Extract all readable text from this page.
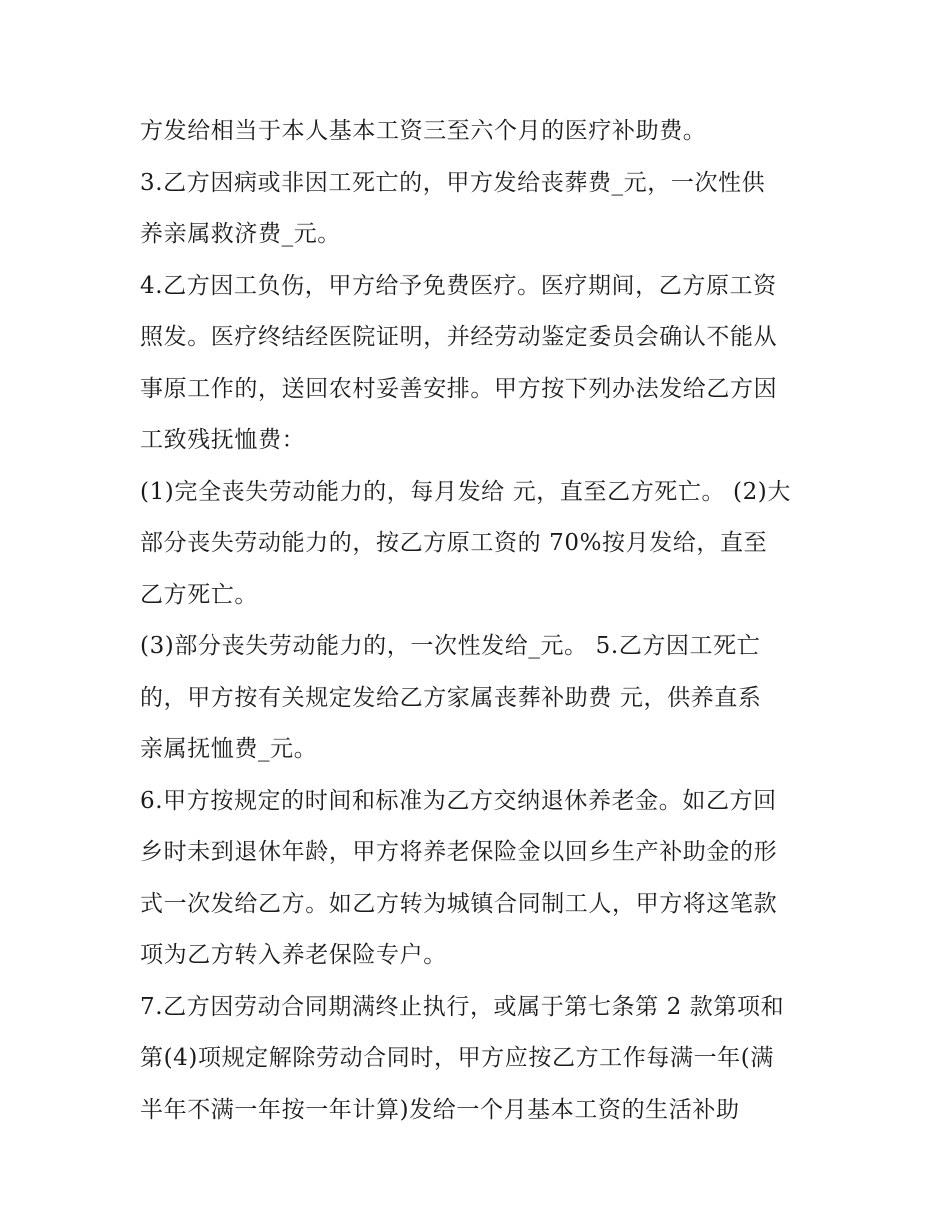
方发给相当于本人基本工资三至六个月的医疗补助费。
3.乙方因病或非因工死亡的，甲方发给丧葬费_元，一次性供
养亲属救济费_元。
4.乙方因工负伤，甲方给予免费医疗。医疗期间，乙方原工资
照发。医疗终结经医院证明，并经劳动鉴定委员会确认不能从
事原工作的，送回农村妥善安排。甲方按下列办法发给乙方因
工致残抚恤费：
(1)完全丧失劳动能力的，每月发给 元，直至乙方死亡。 (2)大
部分丧失劳动能力的，按乙方原工资的 70%按月发给，直至
乙方死亡。
(3)部分丧失劳动能力的，一次性发给_元。 5.乙方因工死亡
的，甲方按有关规定发给乙方家属丧葬补助费 元，供养直系
亲属抚恤费_元。
6.甲方按规定的时间和标准为乙方交纳退休养老金。如乙方回
乡时未到退休年龄，甲方将养老保险金以回乡生产补助金的形
式一次发给乙方。如乙方转为城镇合同制工人，甲方将这笔款
项为乙方转入养老保险专户。
7.乙方因劳动合同期满终止执行，或属于第七条第 2 款第项和
第(4)项规定解除劳动合同时，甲方应按乙方工作每满一年(满
半年不满一年按一年计算)发给一个月基本工资的生活补助
